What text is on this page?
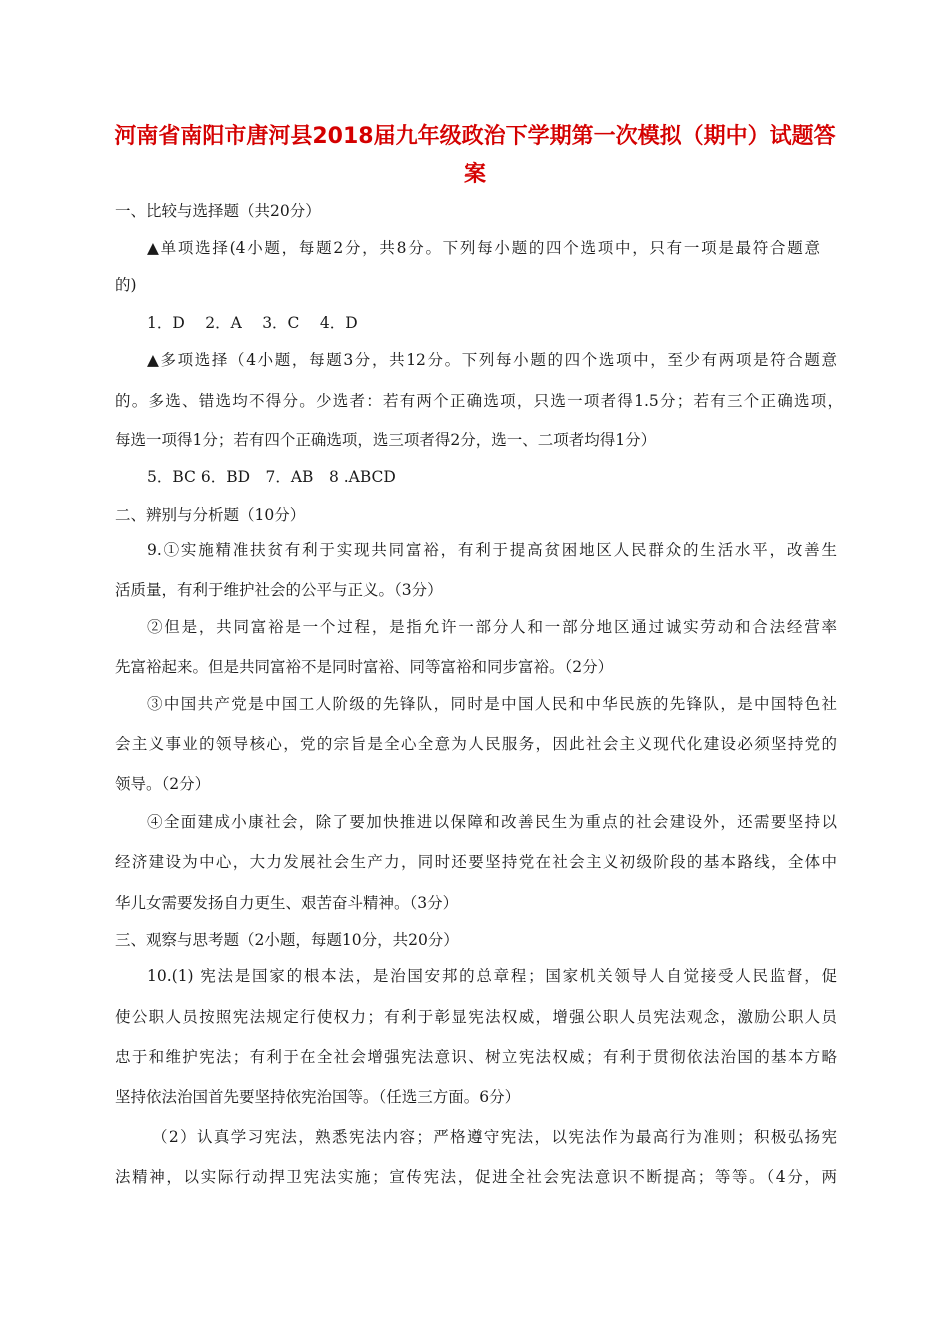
河南省南阳市唐河县2018届九年级政治下学期第一次模拟（期中）试题答
案

一、比较与选择题（共20分）

▲单项选择(4小题，每题2分，共8分。下列每小题的四个选项中，只有一项是最符合题意

的)

1．D　 2．A　 3．C　 4．D

▲多项选择（4小题，每题3分，共12分。下列每小题的四个选项中，至少有两项是符合题意

的。多选、错选均不得分。少选者：若有两个正确选项，只选一项者得1.5分；若有三个正确选项，

每选一项得1分；若有四个正确选项，选三项者得2分，选一、二项者均得1分）

5．BC 6．BD　7．AB　8 .ABCD

二、辨别与分析题（10分）

9.①实施精准扶贫有利于实现共同富裕，有利于提高贫困地区人民群众的生活水平，改善生

活质量，有利于维护社会的公平与正义。（3分）

②但是，共同富裕是一个过程，是指允许一部分人和一部分地区通过诚实劳动和合法经营率

先富裕起来。但是共同富裕不是同时富裕、同等富裕和同步富裕。（2分）

③中国共产党是中国工人阶级的先锋队，同时是中国人民和中华民族的先锋队，是中国特色社

会主义事业的领导核心，党的宗旨是全心全意为人民服务，因此社会主义现代化建设必须坚持党的

领导。（2分）

④全面建成小康社会，除了要加快推进以保障和改善民生为重点的社会建设外，还需要坚持以

经济建设为中心，大力发展社会生产力，同时还要坚持党在社会主义初级阶段的基本路线，全体中

华儿女需要发扬自力更生、艰苦奋斗精神。（3分）

三、观察与思考题（2小题，每题10分，共20分）

10.(1) 宪法是国家的根本法，是治国安邦的总章程；国家机关领导人自觉接受人民监督，促

使公职人员按照宪法规定行使权力；有利于彰显宪法权威，增强公职人员宪法观念，激励公职人员

忠于和维护宪法；有利于在全社会增强宪法意识、树立宪法权威；有利于贯彻依法治国的基本方略

坚持依法治国首先要坚持依宪治国等。（任选三方面。6分）

（2）认真学习宪法，熟悉宪法内容；严格遵守宪法，以宪法作为最高行为准则；积极弘扬宪

法精神，以实际行动捍卫宪法实施；宣传宪法，促进全社会宪法意识不断提高；等等。（4分，两
